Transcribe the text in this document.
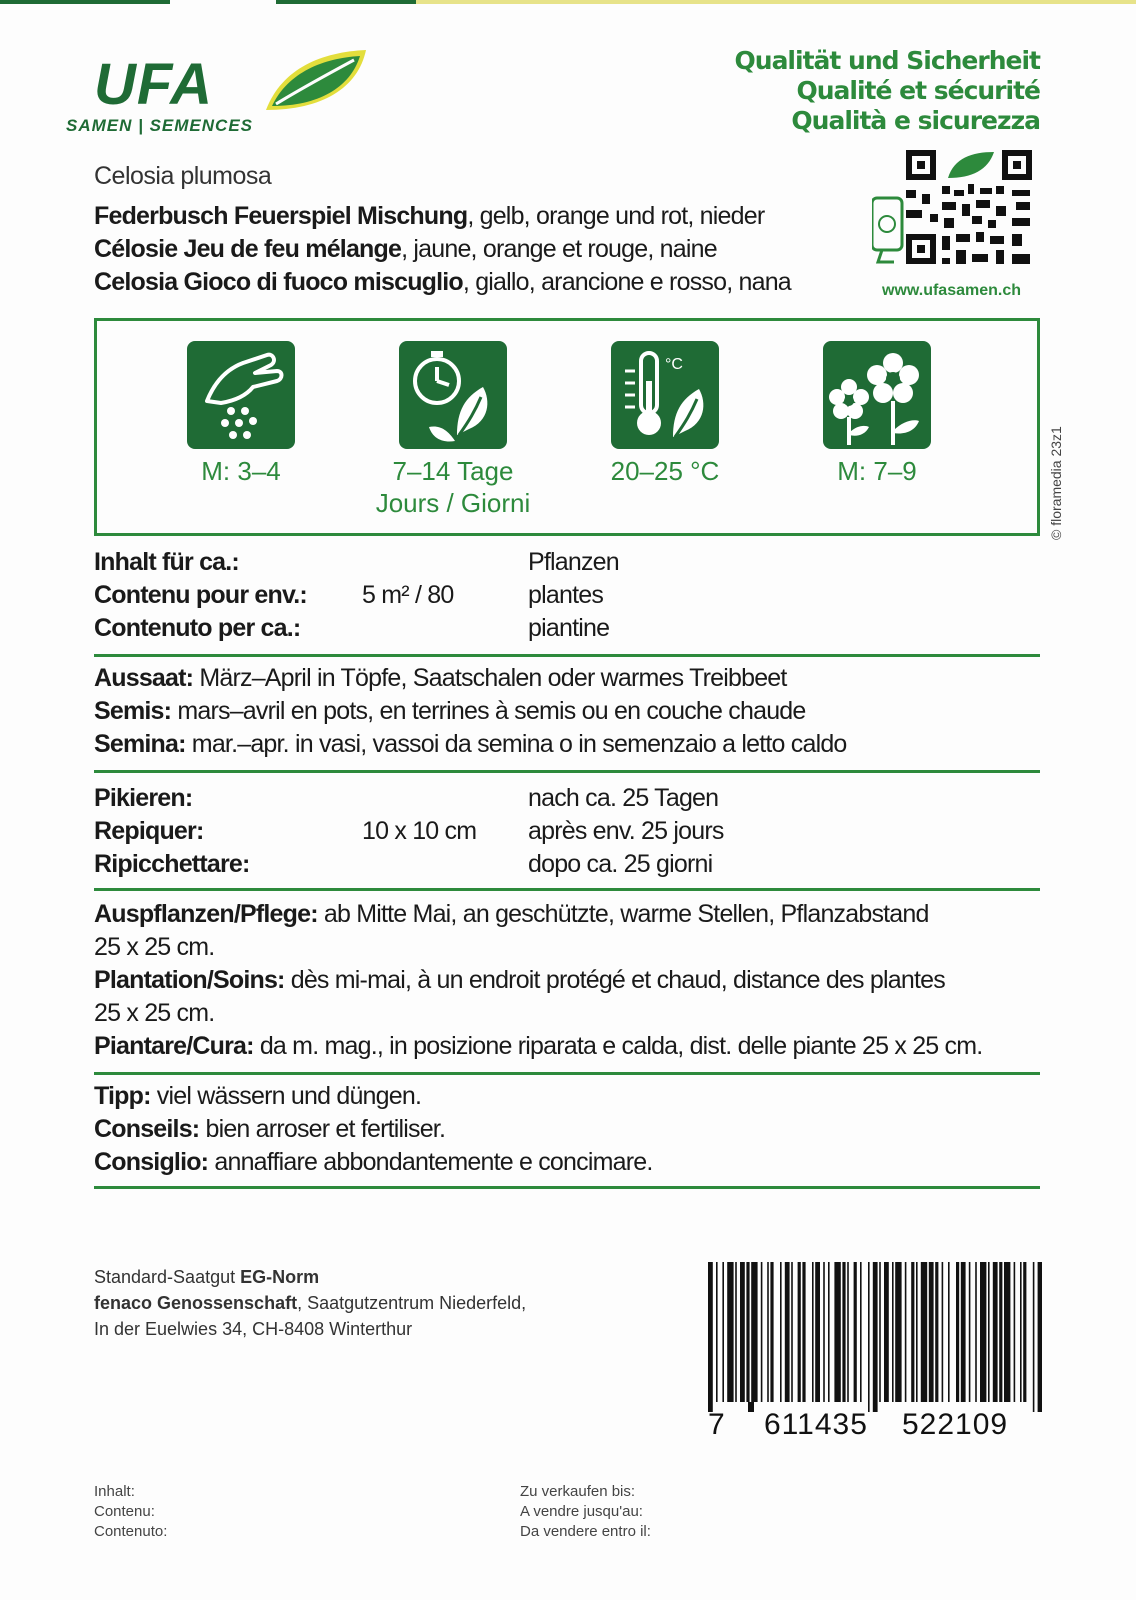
UFA
SAMEN | SEMENCES
Qualität und Sicherheit
Qualité et sécurité
Qualità e sicurezza
www.ufasamen.ch
© floramedia 23z1
Celosia plumosa
Federbusch Feuerspiel Mischung, gelb, orange und rot, nieder
Célosie Jeu de feu mélange, jaune, orange et rouge, naine
Celosia Gioco di fuoco miscuglio, giallo, arancione e rosso, nana
°C
M: 3–4	7–14 Tage
Jours / Giorni
20–25 °C	M: 7–9
Inhalt für ca.:
Contenu pour env.:
Contenuto per ca.:
5 m² / 80
Pflanzen
plantes
piantine
Aussaat: März–April in Töpfe, Saatschalen oder warmes Treibbeet
Semis: mars–avril en pots, en terrines à semis ou en couche chaude
Semina: mar.–apr. in vasi, vassoi da semina o in semenzaio a letto caldo
Pikieren:
Repiquer:
Ripicchettare:
10 x 10 cm
nach ca. 25 Tagen
après env. 25 jours
dopo ca. 25 giorni
Auspflanzen/Pflege: ab Mitte Mai, an geschützte, warme Stellen, Pflanzabstand
25 x 25 cm.
Plantation/Soins: dès mi-mai, à un endroit protégé et chaud, distance des plantes
25 x 25 cm.
Piantare/Cura: da m. mag., in posizione riparata e calda, dist. delle piante 25 x 25 cm.
Tipp: viel wässern und düngen.
Conseils: bien arroser et fertiliser.
Consiglio: annaffiare abbondantemente e concimare.
Standard-Saatgut EG-Norm
fenaco Genossenschaft, Saatgutzentrum Niederfeld,
In der Euelwies 34, CH-8408 Winterthur
7 611435 522109
Inhalt:
Contenu:
Contenuto:
Zu verkaufen bis:
A vendre jusqu'au:
Da vendere entro il:
